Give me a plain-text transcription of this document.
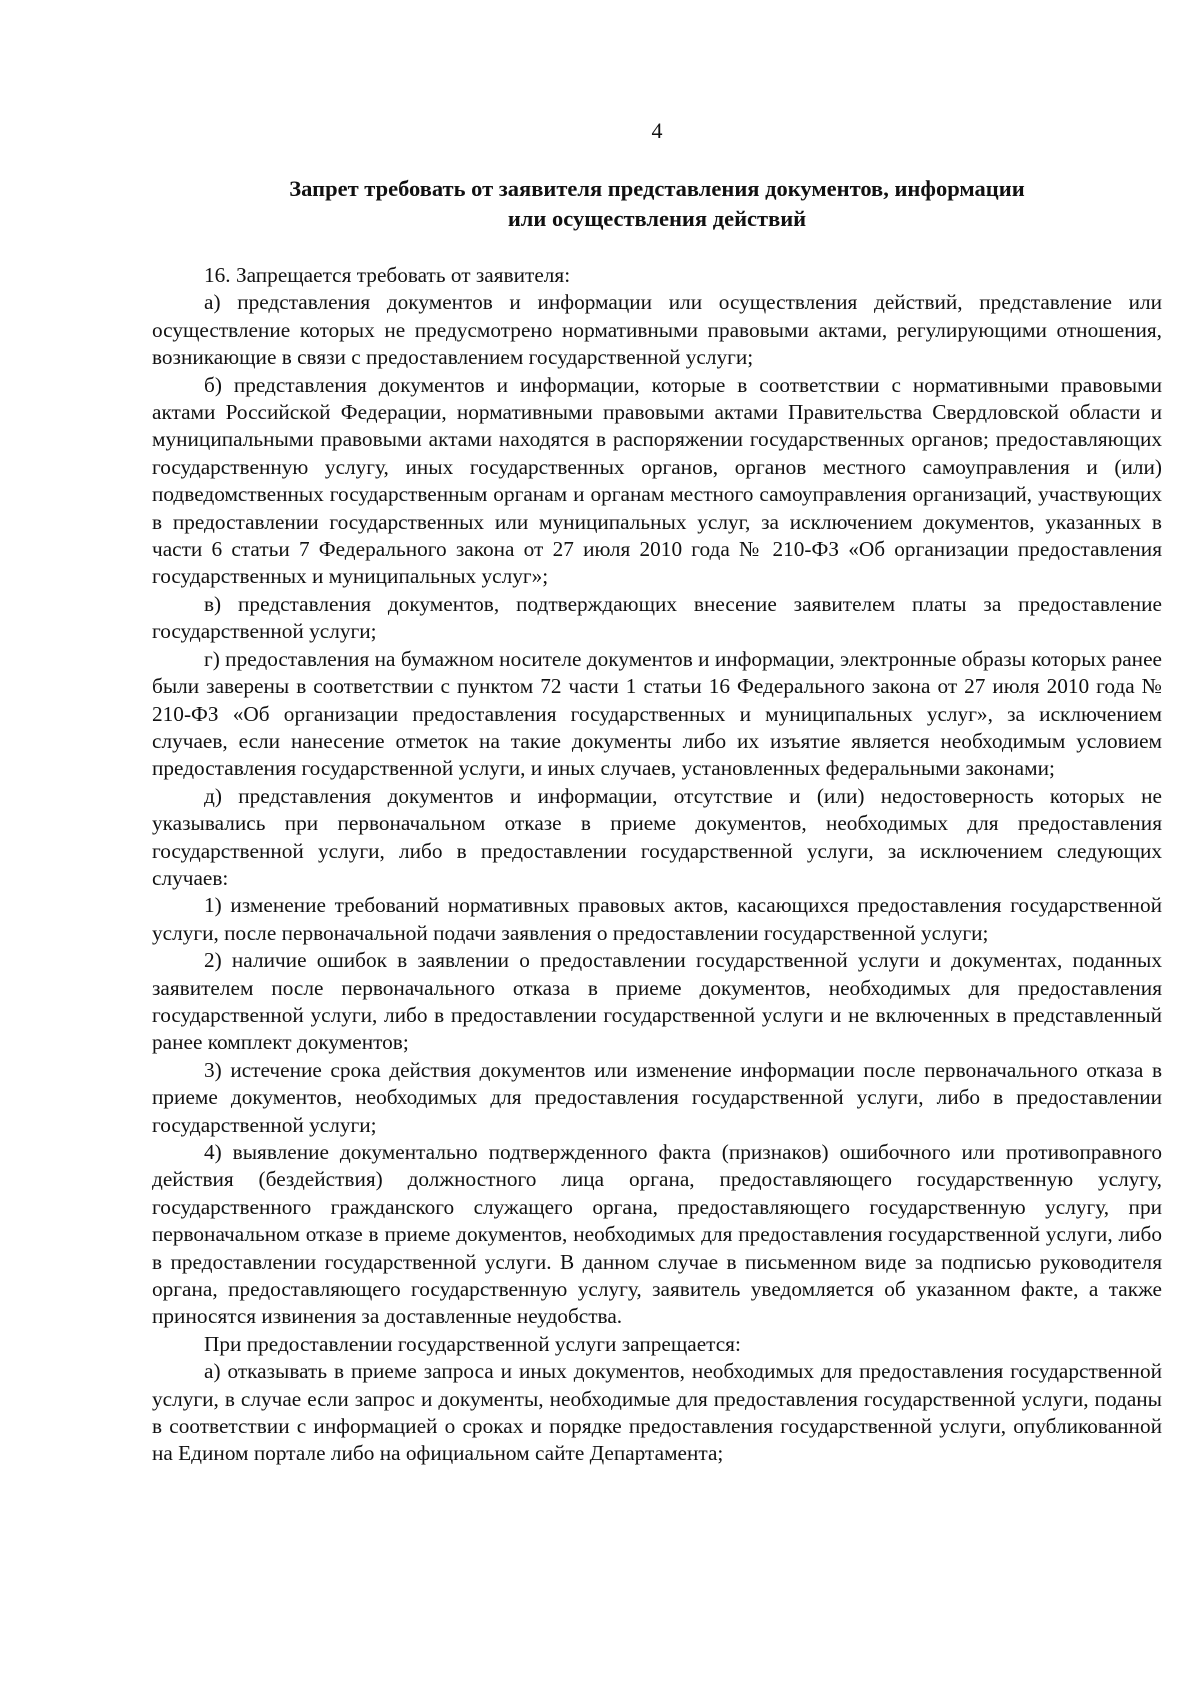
4
Запрет требовать от заявителя представления документов, информации
или осуществления действий

16. Запрещается требовать от заявителя:

а) представления документов и информации или осуществления действий, представление или осуществление которых не предусмотрено нормативными правовыми актами, регулирующими отношения, возникающие в связи с предоставлением государственной услуги;

б) представления документов и информации, которые в соответствии с нормативными правовыми актами Российской Федерации, нормативными правовыми актами Правительства Свердловской области и муниципальными правовыми актами находятся в распоряжении государственных органов; предоставляющих государственную услугу, иных государственных органов, органов местного самоуправления и (или) подведомственных государственным органам и органам местного самоуправления организаций, участвующих в предоставлении государственных или муниципальных услуг, за исключением документов, указанных в части 6 статьи 7 Федерального закона от 27 июля 2010 года № 210-ФЗ «Об организации предоставления государственных и муниципальных услуг»;

в) представления документов, подтверждающих внесение заявителем платы за предоставление государственной услуги;

г) предоставления на бумажном носителе документов и информации, электронные образы которых ранее были заверены в соответствии с пунктом 72 части 1 статьи 16 Федерального закона от 27 июля 2010 года № 210-ФЗ «Об организации предоставления государственных и муниципальных услуг», за исключением случаев, если нанесение отметок на такие документы либо их изъятие является необходимым условием предоставления государственной услуги, и иных случаев, установленных федеральными законами;

д) представления документов и информации, отсутствие и (или) недостоверность которых не указывались при первоначальном отказе в приеме документов, необходимых для предоставления государственной услуги, либо в предоставлении государственной услуги, за исключением следующих случаев:

1) изменение требований нормативных правовых актов, касающихся предоставления государственной услуги, после первоначальной подачи заявления о предоставлении государственной услуги;

2) наличие ошибок в заявлении о предоставлении государственной услуги и документах, поданных заявителем после первоначального отказа в приеме документов, необходимых для предоставления государственной услуги, либо в предоставлении государственной услуги и не включенных в представленный ранее комплект документов;

3) истечение срока действия документов или изменение информации после первоначального отказа в приеме документов, необходимых для предоставления государственной услуги, либо в предоставлении государственной услуги;

4) выявление документально подтвержденного факта (признаков) ошибочного или противоправного действия (бездействия) должностного лица органа, предоставляющего государственную услугу, государственного гражданского служащего органа, предоставляющего государственную услугу, при первоначальном отказе в приеме документов, необходимых для предоставления государственной услуги, либо в предоставлении государственной услуги. В данном случае в письменном виде за подписью руководителя органа, предоставляющего государственную услугу, заявитель уведомляется об указанном факте, а также приносятся извинения за доставленные неудобства.

При предоставлении государственной услуги запрещается:

а) отказывать в приеме запроса и иных документов, необходимых для предоставления государственной услуги, в случае если запрос и документы, необходимые для предоставления государственной услуги, поданы в соответствии с информацией о сроках и порядке предоставления государственной услуги, опубликованной на Едином портале либо на официальном сайте Департамента;
